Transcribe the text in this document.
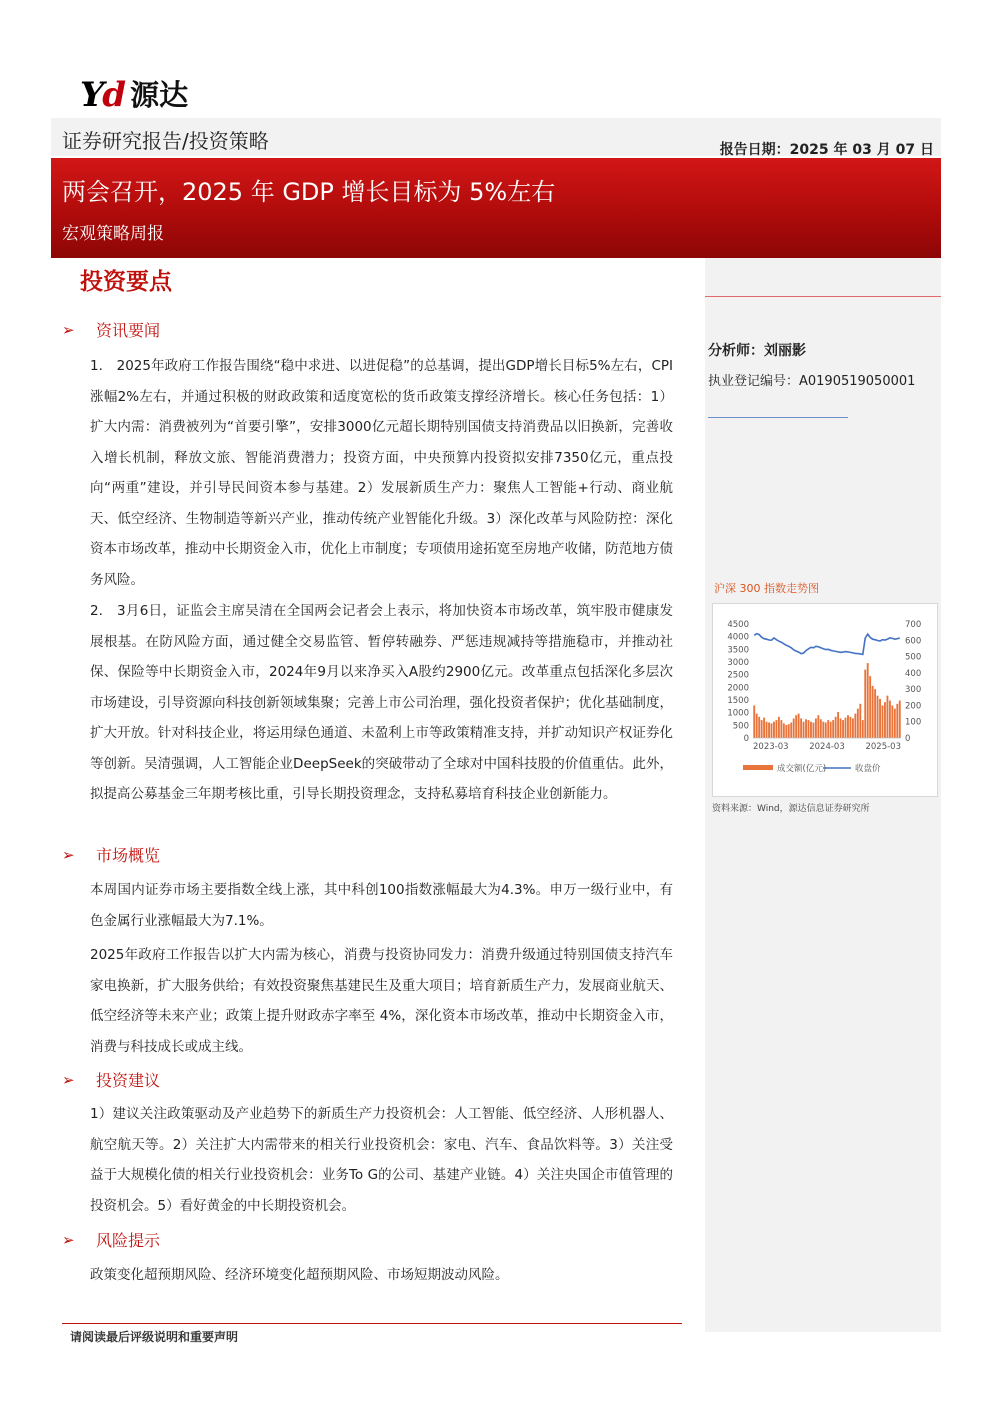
Yd 源达
证券研究报告/投资策略	报告日期：2025 年 03 月 07 日
两会召开，2025 年 GDP 增长目标为 5%左右
宏观策略周报
分析师：刘丽影
执业登记编号：A0190519050001
沪深 300 指数走势图
4500
4000
3500
3000
2500
2000
1500
1000
500
0
700
600
500
400
300
200
100
0
2023-03 2024-03 2025-03
成交额(亿元)	收盘价
资料来源：Wind，源达信息证券研究所
投资要点
➢	资讯要闻
1.　2025年政府工作报告围绕“稳中求进、以进促稳”的总基调，提出GDP增长目标5%左右，CPI涨幅2%左右，并通过积极的财政政策和适度宽松的货币政策支撑经济增长。核心任务包括：1）扩大内需：消费被列为“首要引擎”，安排3000亿元超长期特别国债支持消费品以旧换新，完善收入增长机制，释放文旅、智能消费潜力；投资方面，中央预算内投资拟安排7350亿元，重点投向“两重”建设，并引导民间资本参与基建。2）发展新质生产力：聚焦人工智能+行动、商业航天、低空经济、生物制造等新兴产业，推动传统产业智能化升级。3）深化改革与风险防控：深化资本市场改革，推动中长期资金入市，优化上市制度；专项债用途拓宽至房地产收储，防范地方债务风险。
2.　3月6日，证监会主席吴清在全国两会记者会上表示，将加快资本市场改革，筑牢股市健康发展根基。在防风险方面，通过健全交易监管、暂停转融券、严惩违规减持等措施稳市，并推动社保、保险等中长期资金入市，2024年9月以来净买入A股约2900亿元。改革重点包括深化多层次市场建设，引导资源向科技创新领域集聚；完善上市公司治理，强化投资者保护；优化基础制度，扩大开放。针对科技企业，将运用绿色通道、未盈利上市等政策精准支持，并扩动知识产权证券化等创新。吴清强调，人工智能企业DeepSeek的突破带动了全球对中国科技股的价值重估。此外，拟提高公募基金三年期考核比重，引导长期投资理念，支持私募培育科技企业创新能力。
➢	市场概览
本周国内证券市场主要指数全线上涨，其中科创100指数涨幅最大为4.3%。申万一级行业中，有色金属行业涨幅最大为7.1%。
2025年政府工作报告以扩大内需为核心，消费与投资协同发力：消费升级通过特别国债支持汽车家电换新，扩大服务供给；有效投资聚焦基建民生及重大项目；培育新质生产力，发展商业航天、低空经济等未来产业；政策上提升财政赤字率至 4%，深化资本市场改革，推动中长期资金入市，消费与科技成长或成主线。
➢	投资建议
1）建议关注政策驱动及产业趋势下的新质生产力投资机会：人工智能、低空经济、人形机器人、航空航天等。2）关注扩大内需带来的相关行业投资机会：家电、汽车、食品饮料等。3）关注受益于大规模化债的相关行业投资机会：业务To G的公司、基建产业链。4）关注央国企市值管理的投资机会。5）看好黄金的中长期投资机会。
➢	风险提示
政策变化超预期风险、经济环境变化超预期风险、市场短期波动风险。
请阅读最后评级说明和重要声明
